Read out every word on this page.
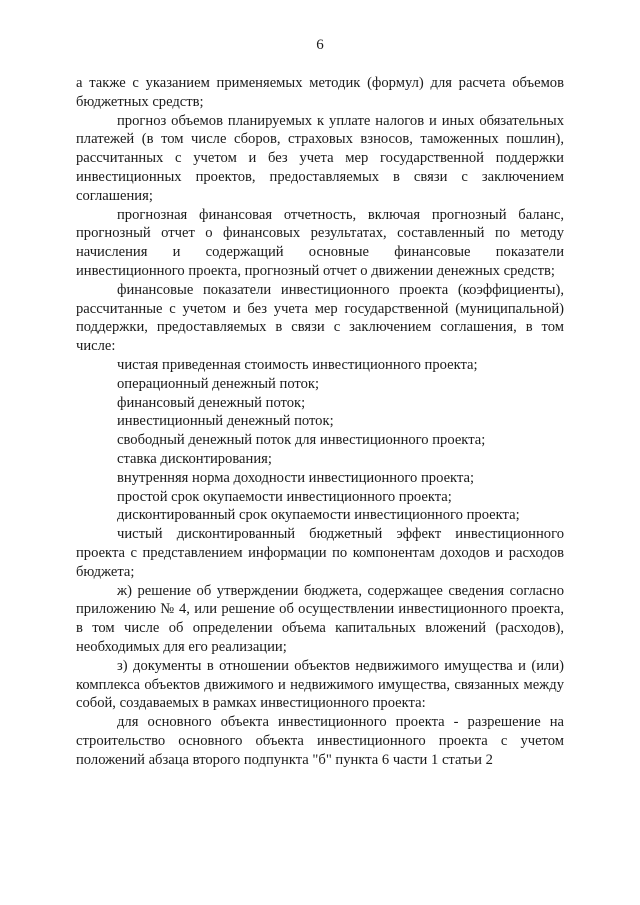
6

а также с указанием применяемых методик (формул) для расчета объемов бюджетных средств;

прогноз объемов планируемых к уплате налогов и иных обязательных платежей (в том числе сборов, страховых взносов, таможенных пошлин), рассчитанных с учетом и без учета мер государственной поддержки инвестиционных проектов, предоставляемых в связи с заключением соглашения;

прогнозная финансовая отчетность, включая прогнозный баланс, прогнозный отчет о финансовых результатах, составленный по методу начисления и содержащий основные финансовые показатели инвестиционного проекта, прогнозный отчет о движении денежных средств;

финансовые показатели инвестиционного проекта (коэффициенты), рассчитанные с учетом и без учета мер государственной (муниципальной) поддержки, предоставляемых в связи с заключением соглашения, в том числе:

чистая приведенная стоимость инвестиционного проекта;

операционный денежный поток;

финансовый денежный поток;

инвестиционный денежный поток;

свободный денежный поток для инвестиционного проекта;

ставка дисконтирования;

внутренняя норма доходности инвестиционного проекта;

простой срок окупаемости инвестиционного проекта;

дисконтированный срок окупаемости инвестиционного проекта;

чистый дисконтированный бюджетный эффект инвестиционного проекта с представлением информации по компонентам доходов и расходов бюджета;

ж) решение об утверждении бюджета, содержащее сведения согласно приложению № 4, или решение об осуществлении инвестиционного проекта, в том числе об определении объема капитальных вложений (расходов), необходимых для его реализации;

з) документы в отношении объектов недвижимого имущества и (или) комплекса объектов движимого и недвижимого имущества, связанных между собой, создаваемых в рамках инвестиционного проекта:

для основного объекта инвестиционного проекта - разрешение на строительство основного объекта инвестиционного проекта с учетом положений абзаца второго подпункта "б" пункта 6 части 1 статьи 2
